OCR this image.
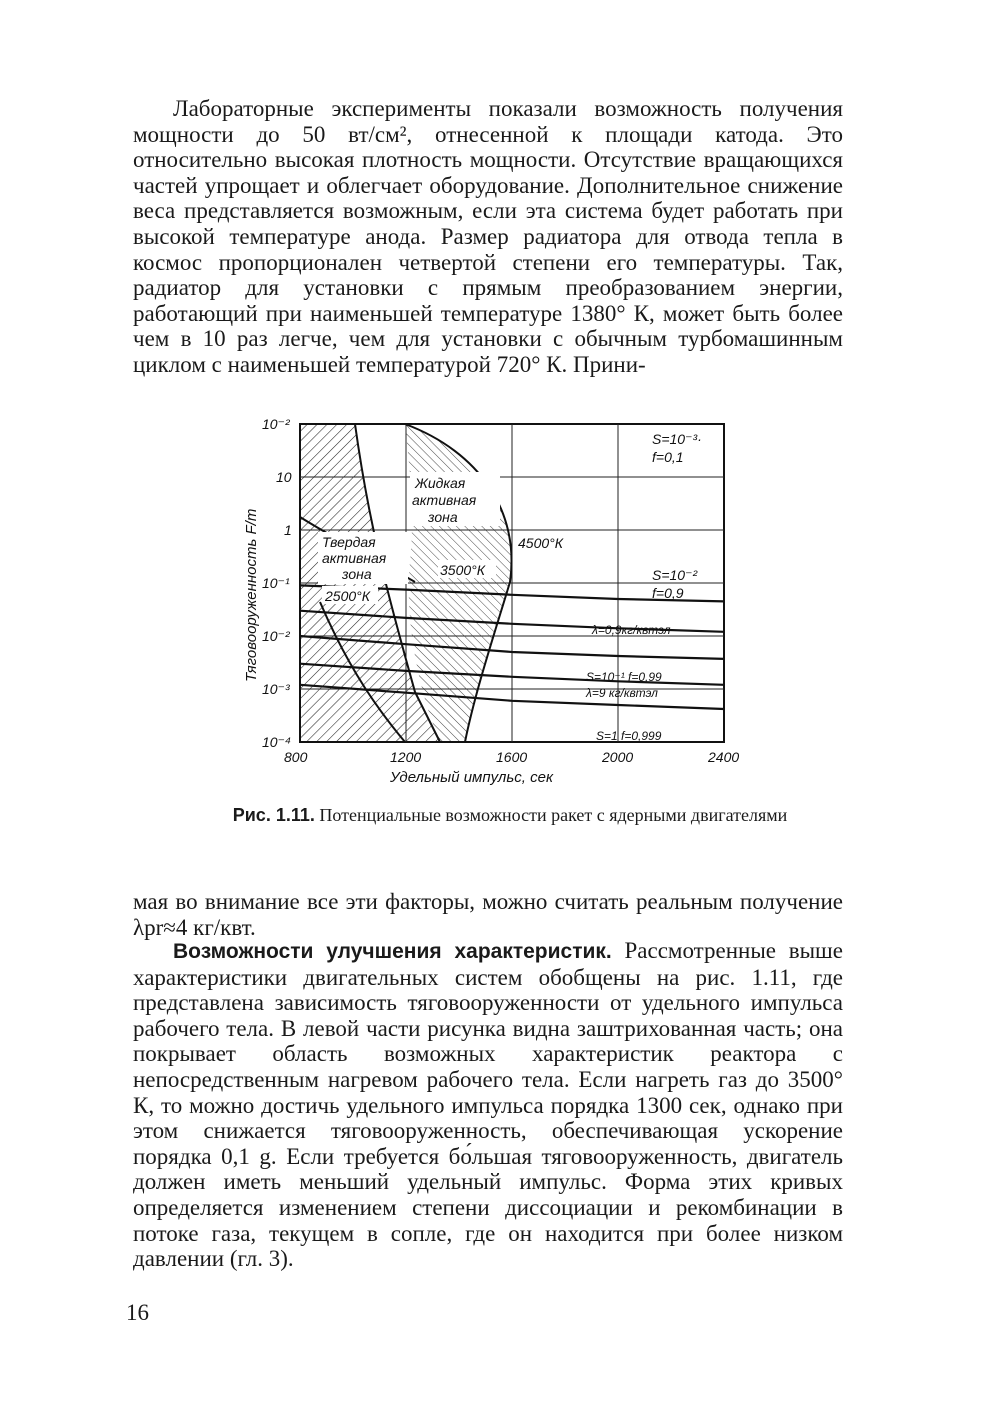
Лабораторные эксперименты показали возможность получения мощности до 50 вт/см², отнесенной к площади катода. Это относительно высокая плотность мощности. Отсутствие вращающихся частей упрощает и облегчает оборудование. Дополнительное снижение веса представляется возможным, если эта система будет работать при высокой температуре анода. Размер радиатора для отвода тепла в космос пропорционален четвертой степени его температуры. Так, радиатор для установки с прямым преобразованием энергии, работающий при наименьшей температуре 1380° К, может быть более чем в 10 раз легче, чем для установки с обычным турбомашинным циклом с наименьшей температурой 720° К. Прини-
10⁻²
10
1
10⁻¹
10⁻²
10⁻³
10⁻⁴
800	1200	1600	2000	2400
Удельный импульс, сек
Тяговооруженность F/m
Жидкая
активная
зона
Твердая
активная
зона
2500°К
3500°К
4500°К
S=10⁻³·
f=0,1
S=10⁻²
f=0,9
λ=0,9кг/квтэл
S=10⁻¹ f=0,99
λ=9 кг/квтэл
S=1 f=0,999
Рис. 1.11. Потенциальные возможности ракет с ядерными двигателями
мая во внимание все эти факторы, можно считать реальным получение λpr≈4 кг/квт.
Возможности улучшения характеристик. Рассмотренные выше характеристики двигательных систем обобщены на рис. 1.11, где представлена зависимость тяговооруженности от удельного импульса рабочего тела. В левой части рисунка видна заштрихованная часть; она покрывает область возможных характеристик реактора с непосредственным нагревом рабочего тела. Если нагреть газ до 3500° К, то можно достичь удельного импульса порядка 1300 сек, однако при этом снижается тяговооруженность, обеспечивающая ускорение порядка 0,1 g. Если требуется бо́льшая тяговооруженность, двигатель должен иметь меньший удельный импульс. Форма этих кривых определяется изменением степени диссоциации и рекомбинации в потоке газа, текущем в сопле, где он находится при более низком давлении (гл. 3).
16
